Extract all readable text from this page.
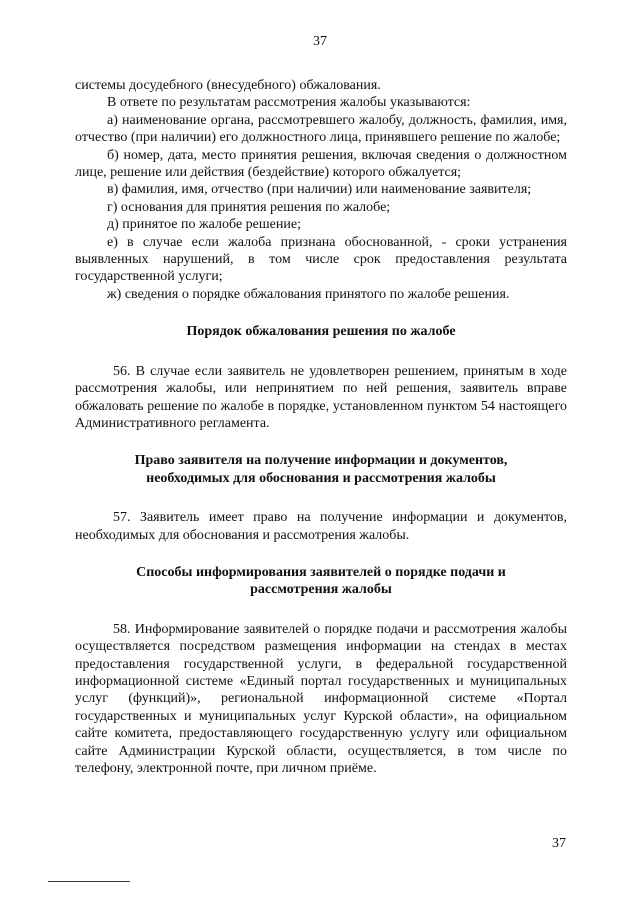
37

системы досудебного (внесудебного) обжалования.

В ответе по результатам рассмотрения жалобы указываются:

а) наименование органа, рассмотревшего жалобу, должность, фамилия, имя, отчество (при наличии) его должностного лица, принявшего решение по жалобе;

б) номер, дата, место принятия решения, включая сведения о должностном лице, решение или действия (бездействие) которого обжалуется;

в) фамилия, имя, отчество (при наличии) или наименование заявителя;

г) основания для принятия решения по жалобе;

д) принятое по жалобе решение;

е) в случае если жалоба признана обоснованной, - сроки устранения выявленных нарушений, в том числе срок предоставления результата государственной услуги;

ж) сведения о порядке обжалования принятого по жалобе решения.

Порядок обжалования решения по жалобе

56. В случае если заявитель не удовлетворен решением, принятым в ходе рассмотрения жалобы, или непринятием по ней решения, заявитель вправе обжаловать решение по жалобе в порядке, установленном пунктом 54 настоящего Административного регламента.

Право заявителя на получение информации и документов,
необходимых для обоснования и рассмотрения жалобы

57. Заявитель имеет право на получение информации и документов, необходимых для обоснования и рассмотрения жалобы.

Способы информирования заявителей о порядке подачи и
рассмотрения жалобы

58. Информирование заявителей о порядке подачи и рассмотрения жалобы осуществляется посредством размещения информации на стендах в местах предоставления государственной услуги, в федеральной государственной информационной системе «Единый портал государственных и муниципальных услуг (функций)», региональной информационной системе «Портал государственных и муниципальных услуг Курской области», на официальном сайте комитета, предоставляющего государственную услугу или официальном сайте Администрации Курской области, осуществляется, в том числе по телефону, электронной почте, при личном приёме.

37
